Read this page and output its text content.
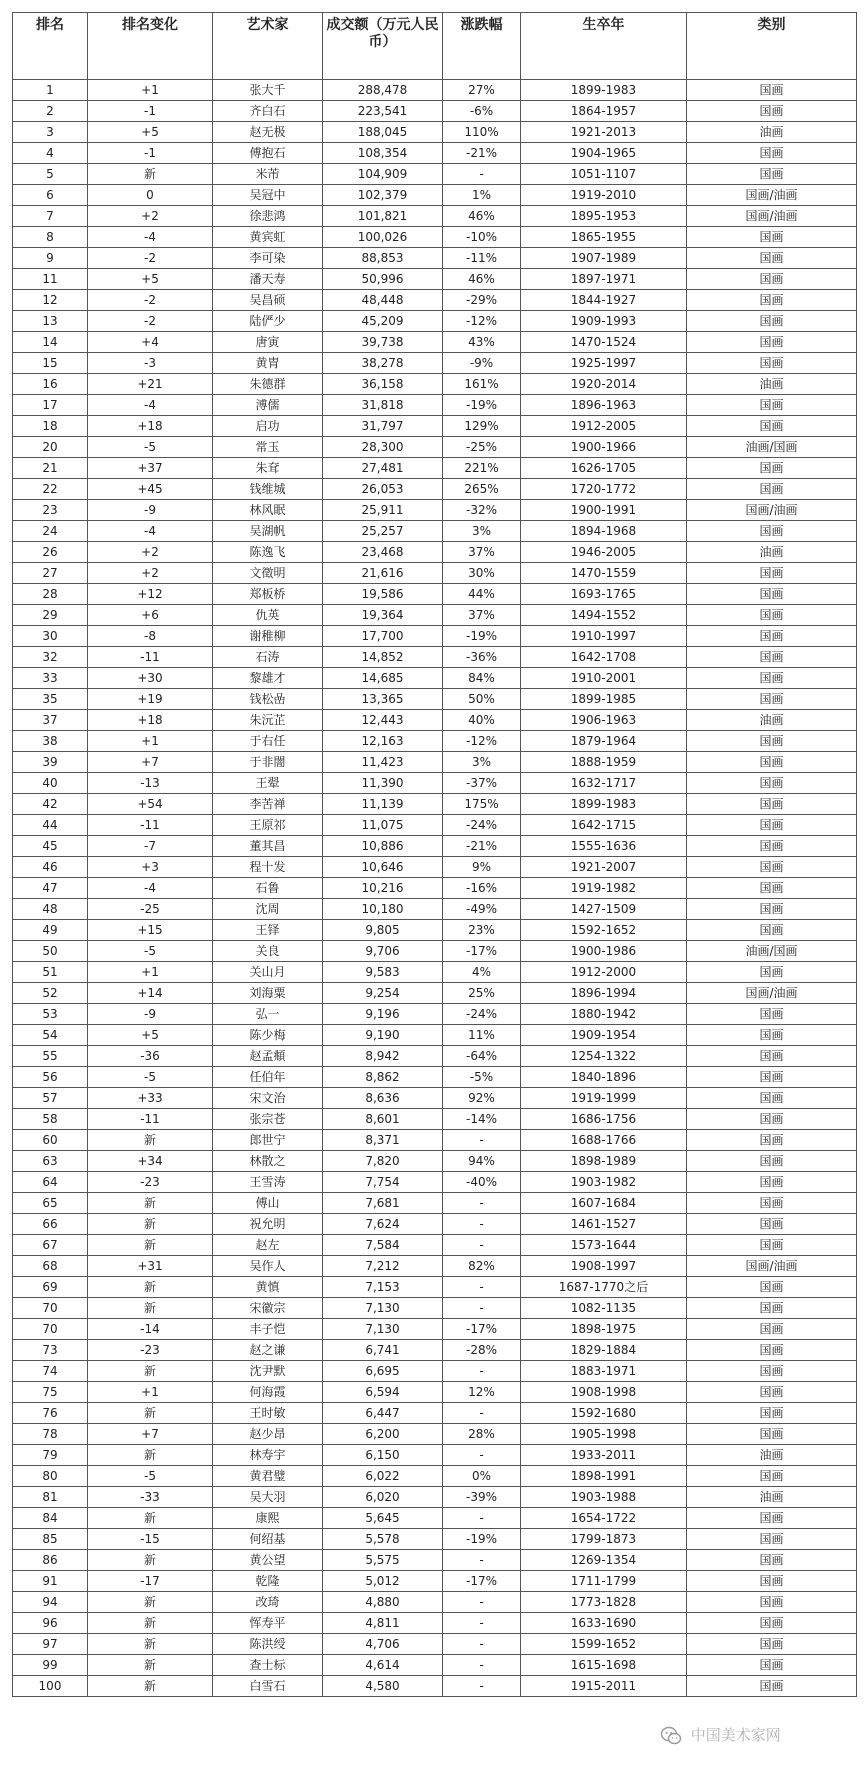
排名	排名变化	艺术家	成交额（万元人民币）	涨跌幅	生卒年	类别
1	+1	张大千	288,478	27%	1899-1983	国画
2	-1	齐白石	223,541	-6%	1864-1957	国画
3	+5	赵无极	188,045	110%	1921-2013	油画
4	-1	傅抱石	108,354	-21%	1904-1965	国画
5	新	米芾	104,909	-	1051-1107	国画
6	0	吴冠中	102,379	1%	1919-2010	国画/油画
7	+2	徐悲鸿	101,821	46%	1895-1953	国画/油画
8	-4	黄宾虹	100,026	-10%	1865-1955	国画
9	-2	李可染	88,853	-11%	1907-1989	国画
11	+5	潘天寿	50,996	46%	1897-1971	国画
12	-2	吴昌硕	48,448	-29%	1844-1927	国画
13	-2	陆俨少	45,209	-12%	1909-1993	国画
14	+4	唐寅	39,738	43%	1470-1524	国画
15	-3	黄胄	38,278	-9%	1925-1997	国画
16	+21	朱德群	36,158	161%	1920-2014	油画
17	-4	溥儒	31,818	-19%	1896-1963	国画
18	+18	启功	31,797	129%	1912-2005	国画
20	-5	常玉	28,300	-25%	1900-1966	油画/国画
21	+37	朱耷	27,481	221%	1626-1705	国画
22	+45	钱维城	26,053	265%	1720-1772	国画
23	-9	林风眠	25,911	-32%	1900-1991	国画/油画
24	-4	吴湖帆	25,257	3%	1894-1968	国画
26	+2	陈逸飞	23,468	37%	1946-2005	油画
27	+2	文徵明	21,616	30%	1470-1559	国画
28	+12	郑板桥	19,586	44%	1693-1765	国画
29	+6	仇英	19,364	37%	1494-1552	国画
30	-8	谢稚柳	17,700	-19%	1910-1997	国画
32	-11	石涛	14,852	-36%	1642-1708	国画
33	+30	黎雄才	14,685	84%	1910-2001	国画
35	+19	钱松嵒	13,365	50%	1899-1985	国画
37	+18	朱沅芷	12,443	40%	1906-1963	油画
38	+1	于右任	12,163	-12%	1879-1964	国画
39	+7	于非闇	11,423	3%	1888-1959	国画
40	-13	王翚	11,390	-37%	1632-1717	国画
42	+54	李苦禅	11,139	175%	1899-1983	国画
44	-11	王原祁	11,075	-24%	1642-1715	国画
45	-7	董其昌	10,886	-21%	1555-1636	国画
46	+3	程十发	10,646	9%	1921-2007	国画
47	-4	石鲁	10,216	-16%	1919-1982	国画
48	-25	沈周	10,180	-49%	1427-1509	国画
49	+15	王铎	9,805	23%	1592-1652	国画
50	-5	关良	9,706	-17%	1900-1986	油画/国画
51	+1	关山月	9,583	4%	1912-2000	国画
52	+14	刘海粟	9,254	25%	1896-1994	国画/油画
53	-9	弘一	9,196	-24%	1880-1942	国画
54	+5	陈少梅	9,190	11%	1909-1954	国画
55	-36	赵孟頫	8,942	-64%	1254-1322	国画
56	-5	任伯年	8,862	-5%	1840-1896	国画
57	+33	宋文治	8,636	92%	1919-1999	国画
58	-11	张宗苍	8,601	-14%	1686-1756	国画
60	新	郎世宁	8,371	-	1688-1766	国画
63	+34	林散之	7,820	94%	1898-1989	国画
64	-23	王雪涛	7,754	-40%	1903-1982	国画
65	新	傅山	7,681	-	1607-1684	国画
66	新	祝允明	7,624	-	1461-1527	国画
67	新	赵左	7,584	-	1573-1644	国画
68	+31	吴作人	7,212	82%	1908-1997	国画/油画
69	新	黄慎	7,153	-	1687-1770之后	国画
70	新	宋徽宗	7,130	-	1082-1135	国画
70	-14	丰子恺	7,130	-17%	1898-1975	国画
73	-23	赵之谦	6,741	-28%	1829-1884	国画
74	新	沈尹默	6,695	-	1883-1971	国画
75	+1	何海霞	6,594	12%	1908-1998	国画
76	新	王时敏	6,447	-	1592-1680	国画
78	+7	赵少昂	6,200	28%	1905-1998	国画
79	新	林寿宇	6,150	-	1933-2011	油画
80	-5	黄君璧	6,022	0%	1898-1991	国画
81	-33	吴大羽	6,020	-39%	1903-1988	油画
84	新	康熙	5,645	-	1654-1722	国画
85	-15	何绍基	5,578	-19%	1799-1873	国画
86	新	黄公望	5,575	-	1269-1354	国画
91	-17	乾隆	5,012	-17%	1711-1799	国画
94	新	改琦	4,880	-	1773-1828	国画
96	新	恽寿平	4,811	-	1633-1690	国画
97	新	陈洪绶	4,706	-	1599-1652	国画
99	新	查士标	4,614	-	1615-1698	国画
100	新	白雪石	4,580	-	1915-2011	国画
中国美术家网
